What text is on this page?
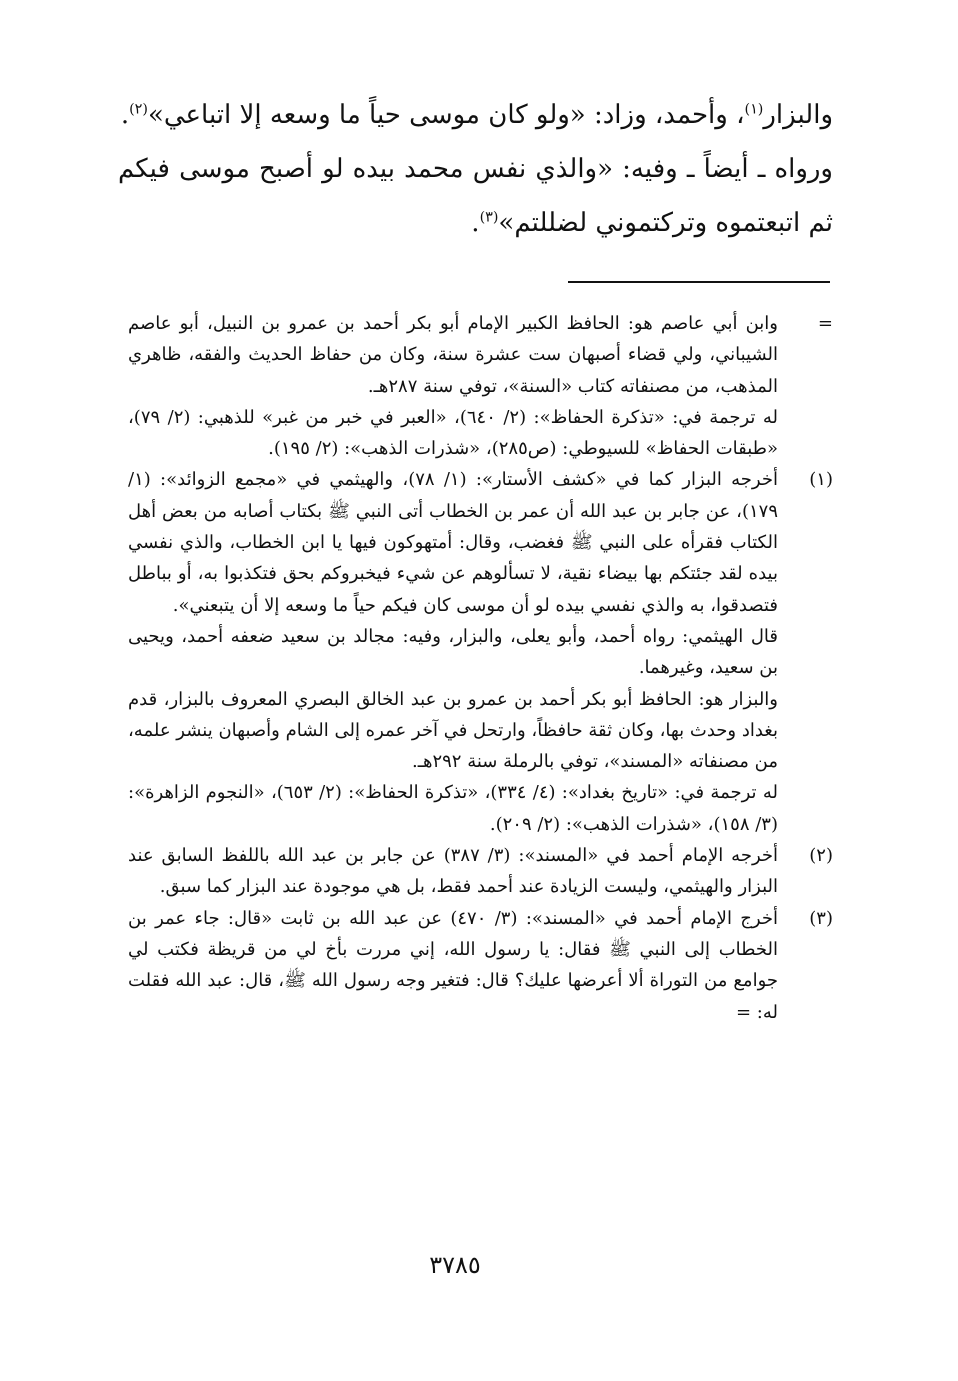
والبزار$^{(١)}$، وأحمد، وزاد: «ولو كان موسى حياً ما وسعه إلا اتباعي»$^{(٢)}$.

ورواه ـ أيضاً ـ وفيه: «والذي نفس محمد بيده لو أصبح موسى فيكم ثم اتبعتموه وتركتموني لضللتم»$^{(٣)}$.

=

وابن أبي عاصم هو: الحافظ الكبير الإمام أبو بكر أحمد بن عمرو بن النبيل، أبو عاصم الشيباني، ولي قضاء أصبهان ست عشرة سنة، وكان من حفاظ الحديث والفقه، ظاهري المذهب، من مصنفاته كتاب «السنة»، توفي سنة ٢٨٧هـ.

له ترجمة في: «تذكرة الحفاظ»: (٢/ ٦٤٠)، «العبر في خبر من غبر» للذهبي: (٢/ ٧٩)، «طبقات الحفاظ» للسيوطي: (ص٢٨٥)، «شذرات الذهب»: (٢/ ١٩٥).

(١)

أخرجه البزار كما في «كشف الأستار»: (١/ ٧٨)، والهيثمي في «مجمع الزوائد»: (١/ ١٧٩)، عن جابر بن عبد الله أن عمر بن الخطاب أتى النبي ﷺ بكتاب أصابه من بعض أهل الكتاب فقرأه على النبي ﷺ فغضب، وقال: أمتهوكون فيها يا ابن الخطاب، والذي نفسي بيده لقد جئتكم بها بيضاء نقية، لا تسألوهم عن شيء فيخبروكم بحق فتكذبوا به، أو بباطل فتصدقوا، به والذي نفسي بيده لو أن موسى كان فيكم حياً ما وسعه إلا أن يتبعني».

قال الهيثمي: رواه أحمد، وأبو يعلى، والبزار، وفيه: مجالد بن سعيد ضعفه أحمد، ويحيى بن سعيد، وغيرهما.

والبزار هو: الحافظ أبو بكر أحمد بن عمرو بن عبد الخالق البصري المعروف بالبزار، قدم بغداد وحدث بها، وكان ثقة حافظاً، وارتحل في آخر عمره إلى الشام وأصبهان ينشر علمه، من مصنفاته «المسند»، توفي بالرملة سنة ٢٩٢هـ.

له ترجمة في: «تاريخ بغداد»: (٤/ ٣٣٤)، «تذكرة الحفاظ»: (٢/ ٦٥٣)، «النجوم الزاهرة»: (٣/ ١٥٨)، «شذرات الذهب»: (٢/ ٢٠٩).

(٢)

أخرجه الإمام أحمد في «المسند»: (٣/ ٣٨٧) عن جابر بن عبد الله باللفظ السابق عند البزار والهيثمي، وليست الزيادة عند أحمد فقط، بل هي موجودة عند البزار كما سبق.

(٣)

أخرج الإمام أحمد في «المسند»: (٣/ ٤٧٠) عن عبد الله بن ثابت «قال: جاء عمر بن الخطاب إلى النبي ﷺ فقال: يا رسول الله، إني مررت بأخ لي من قريظة فكتب لي جوامع من التوراة ألا أعرضها عليك؟ قال: فتغير وجه رسول الله ﷺ، قال: عبد الله فقلت له: =

٣٧٨٥
